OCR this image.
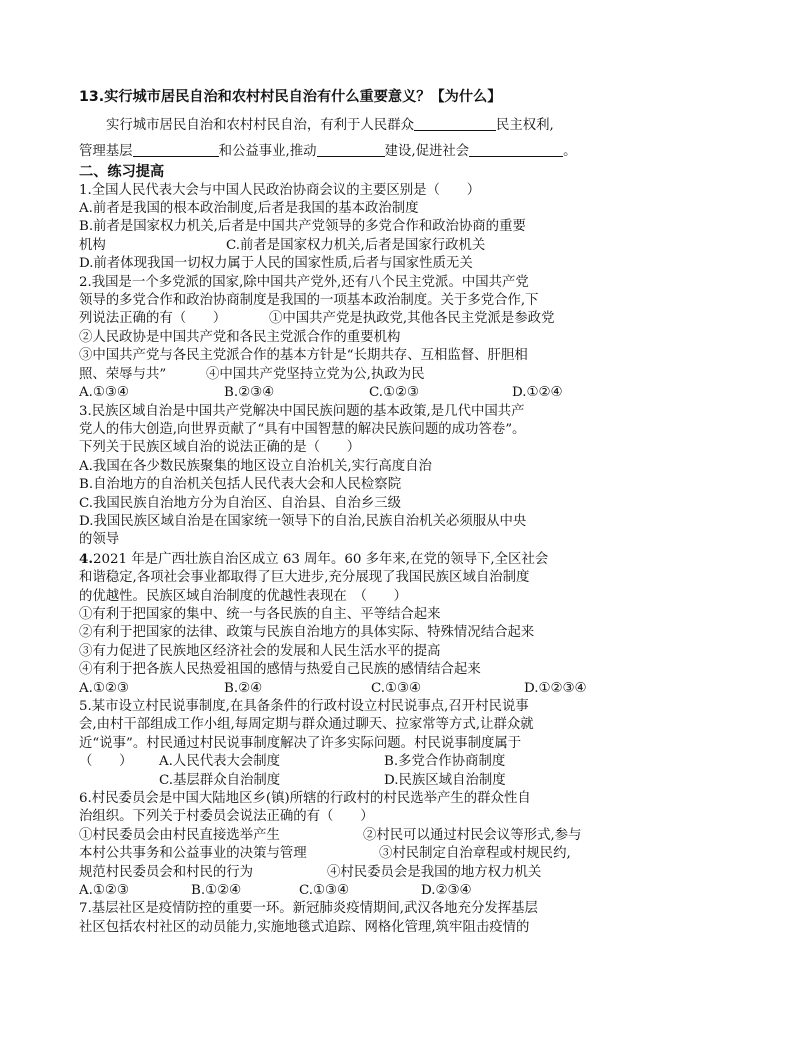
13.实行城市居民自治和农村村民自治有什么重要意义？【为什么】
实行城市居民自治和农村村民自治，有利于人民群众	民主权利,
管理基层	和公益事业,推动	建设,促进社会	。
二、练习提高
1.全国人民代表大会与中国人民政治协商会议的主要区别是（　　）
A.前者是我国的根本政治制度,后者是我国的基本政治制度
B.前者是国家权力机关,后者是中国共产党领导的多党合作和政治协商的重要
机构	C.前者是国家权力机关,后者是国家行政机关
D.前者体现我国一切权力属于人民的国家性质,后者与国家性质无关
2.我国是一个多党派的国家,除中国共产党外,还有八个民主党派。中国共产党
领导的多党合作和政治协商制度是我国的一项基本政治制度。关于多党合作,下
列说法正确的有（　　）	①中国共产党是执政党,其他各民主党派是参政党
②人民政协是中国共产党和各民主党派合作的重要机构
③中国共产党与各民主党派合作的基本方针是“长期共存、互相监督、肝胆相
照、荣辱与共”	④中国共产党坚持立党为公,执政为民
A.①③④	B.②③④	C.①②③	D.①②④
3.民族区域自治是中国共产党解决中国民族问题的基本政策,是几代中国共产
党人的伟大创造,向世界贡献了“具有中国智慧的解决民族问题的成功答卷”。
下列关于民族区域自治的说法正确的是（　　）
A.我国在各少数民族聚集的地区设立自治机关,实行高度自治
B.自治地方的自治机关包括人民代表大会和人民检察院
C.我国民族自治地方分为自治区、自治县、自治乡三级
D.我国民族区域自治是在国家统一领导下的自治,民族自治机关必须服从中央
的领导
4.2021 年是广西壮族自治区成立 63 周年。60 多年来,在党的领导下,全区社会
和谐稳定,各项社会事业都取得了巨大进步,充分展现了我国民族区域自治制度
的优越性。民族区域自治制度的优越性表现在　（　　）
①有利于把国家的集中、统一与各民族的自主、平等结合起来
②有利于把国家的法律、政策与民族自治地方的具体实际、特殊情况结合起来
③有力促进了民族地区经济社会的发展和人民生活水平的提高
④有利于把各族人民热爱祖国的感情与热爱自己民族的感情结合起来
A.①②③	B.②④	C.①③④	D.①②③④
5.某市设立村民说事制度,在具备条件的行政村设立村民说事点,召开村民说事
会,由村干部组成工作小组,每周定期与群众通过聊天、拉家常等方式,让群众就
近“说事”。村民通过村民说事制度解决了许多实际问题。村民说事制度属于
（　　）	A.人民代表大会制度	B.多党合作协商制度
C.基层群众自治制度	D.民族区域自治制度
6.村民委员会是中国大陆地区乡(镇)所辖的行政村的村民选举产生的群众性自
治组织。下列关于村委员会说法正确的有（　　）
①村民委员会由村民直接选举产生	②村民可以通过村民会议等形式,参与
本村公共事务和公益事业的决策与管理	③村民制定自治章程或村规民约,
规范村民委员会和村民的行为	④村民委员会是我国的地方权力机关
A.①②③	B.①②④	C.①③④	D.②③④
7.基层社区是疫情防控的重要一环。新冠肺炎疫情期间,武汉各地充分发挥基层
社区包括农村社区的动员能力,实施地毯式追踪、网格化管理,筑牢阻击疫情的
